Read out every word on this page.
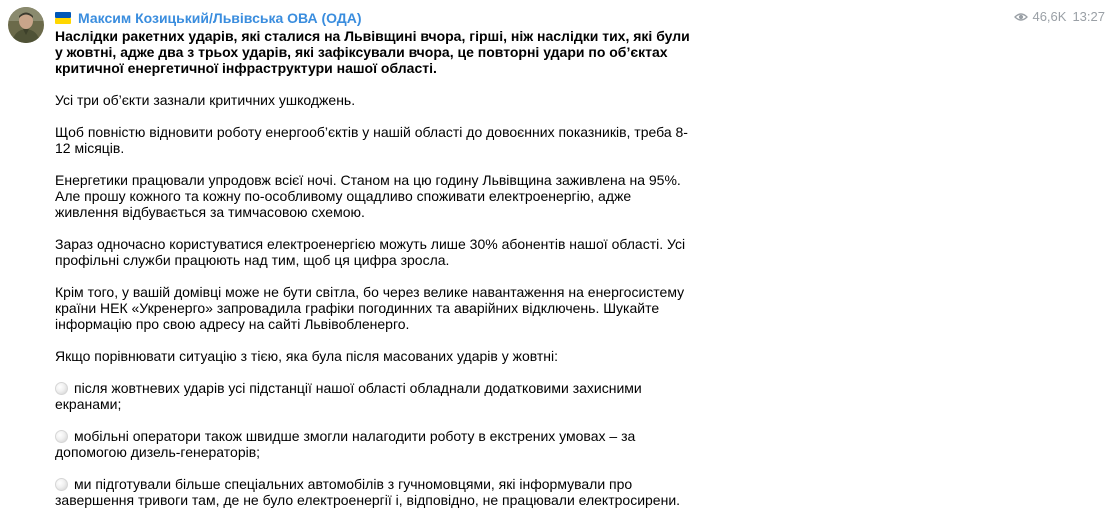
Максим Козицький/Львівська ОВА (ОДА)

Наслідки ракетних ударів, які сталися на Львівщині вчора, гірші, ніж наслідки тих, які були у жовтні, адже два з трьох ударів, які зафіксували вчора, це повторні удари по об’єктах критичної енергетичної інфраструктури нашої області.

Усі три об’єкти зазнали критичних ушкоджень.

Щоб повністю відновити роботу енергооб’єктів у нашій області до довоєнних показників, треба 8-12 місяців.

Енергетики працювали упродовж всієї ночі. Станом на цю годину Львівщина заживлена на 95%. Але прошу кожного та кожну по-особливому ощадливо споживати електроенергію, адже живлення відбувається за тимчасовою схемою.

Зараз одночасно користуватися електроенергією можуть лише 30% абонентів нашої області. Усі профільні служби працюють над тим, щоб ця цифра зросла.

Крім того, у вашій домівці може не бути світла, бо через велике навантаження на енергосистему країни НЕК «Укренерго» запровадила графіки погодинних та аварійних відключень. Шукайте інформацію про свою адресу на сайті Львівобленерго.

Якщо порівнювати ситуацію з тією, яка була після масованих ударів у жовтні:

після жовтневих ударів усі підстанції нашої області обладнали додатковими захисними екранами;

мобільні оператори також швидше змогли налагодити роботу в екстрених умовах – за допомогою дизель-генераторів;

ми підготували більше спеціальних автомобілів з гучномовцями, які інформували про завершення тривоги там, де не було електроенергії і, відповідно, не працювали електросирени.

46,6K 13:27
